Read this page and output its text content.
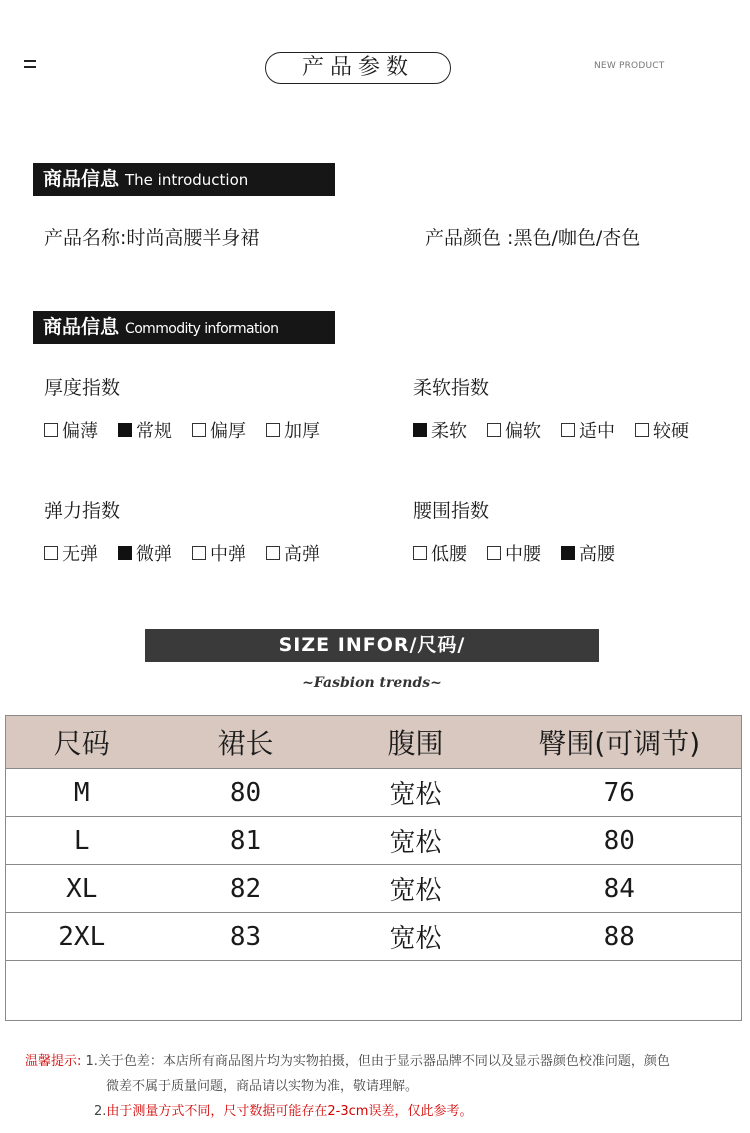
产品参数	NEW PRODUCT
商品信息 The introduction
产品名称:时尚高腰半身裙	产品颜色 :黑色/咖色/杏色
商品信息 Commodity information
厚度指数
偏薄 常规 偏厚 加厚
柔软指数
柔软 偏软 适中 较硬
弹力指数
无弹 微弹 中弹 高弹
腰围指数
低腰 中腰 高腰
SIZE INFOR/尺码/
~Fasbion trends~
尺码	裙长	腹围	臀围(可调节)
M	80	宽松	76
L	81	宽松	80
XL	82	宽松	84
2XL	83	宽松	88

温馨提示: 1.关于色差：本店所有商品图片均为实物拍摄，但由于显示器品牌不同以及显示器颜色校准问题，颜色
微差不属于质量问题，商品请以实物为准，敬请理解。
2.由于测量方式不同，尺寸数据可能存在2-3cm误差，仅此参考。
